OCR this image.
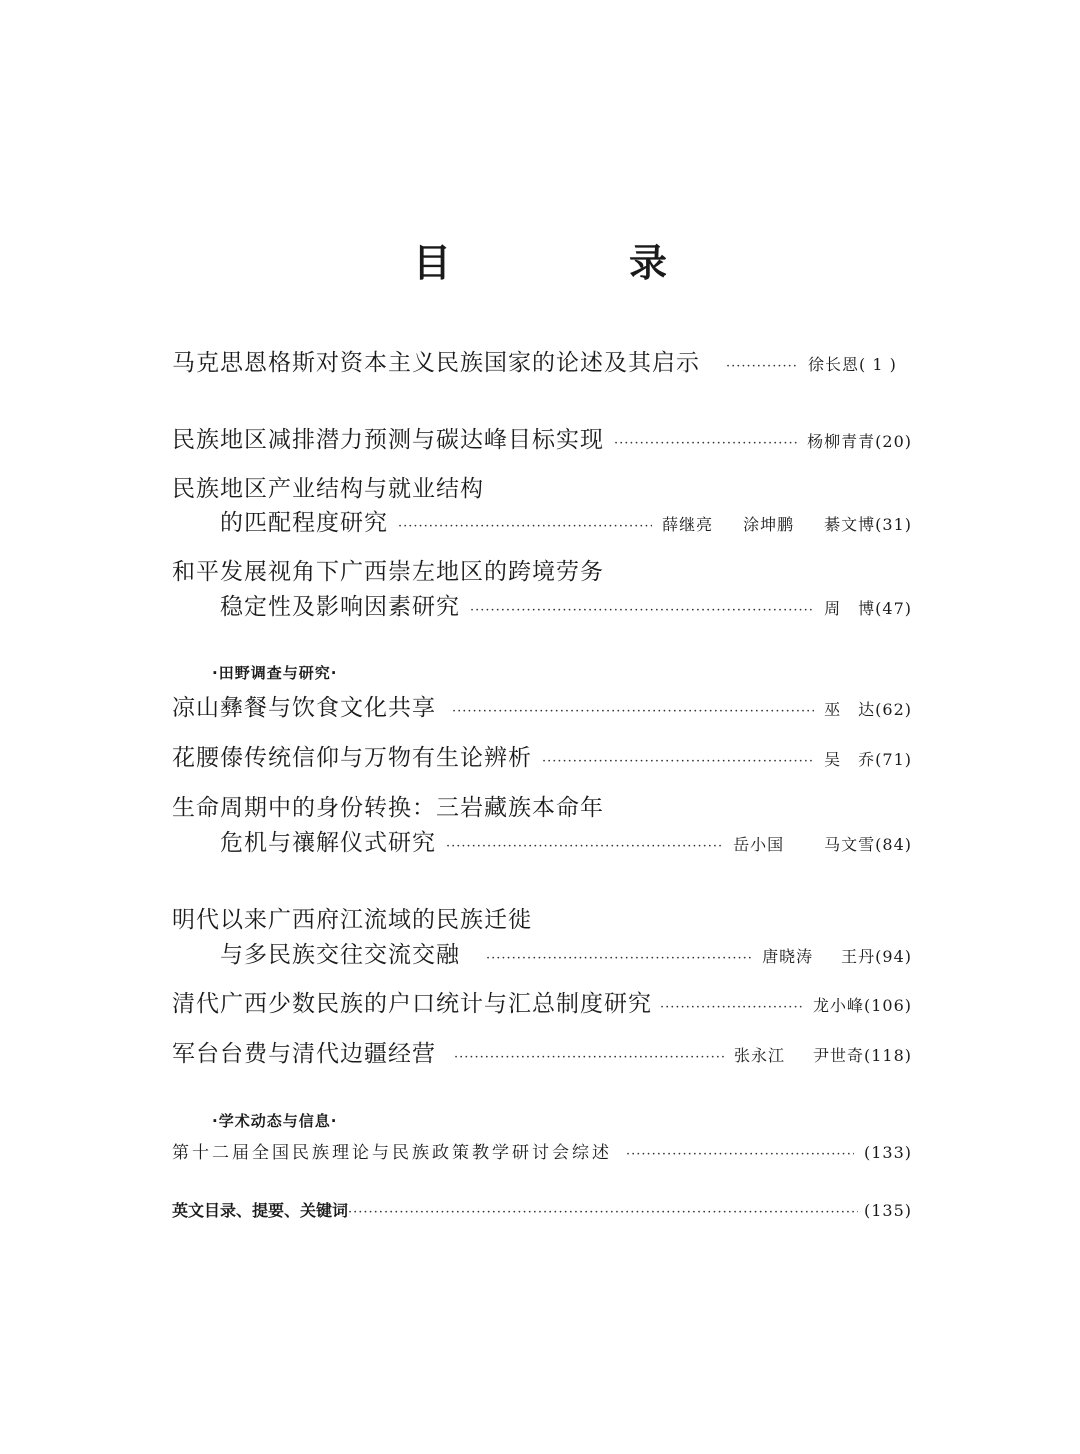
目　录
马克思恩格斯对资本主义民族国家的论述及其启示 ·····	徐长恩( 1 )
民族地区减排潜力预测与碳达峰目标实现 ·····	杨柳青青(20)
民族地区产业结构与就业结构
的匹配程度研究 ·····	薛继亮 涂坤鹏 綦文博(31)
和平发展视角下广西崇左地区的跨境劳务
稳定性及影响因素研究 ·····	周　博(47)
·田野调查与研究·
凉山彝餐与饮食文化共享 ·····	巫　达(62)
花腰傣传统信仰与万物有生论辨析 ·····	吴　乔(71)
生命周期中的身份转换：三岩藏族本命年
危机与禳解仪式研究 ·····	岳小国	马文雪(84)
明代以来广西府江流域的民族迁徙
与多民族交往交流交融 ·····	唐晓涛 王丹(94)
清代广西少数民族的户口统计与汇总制度研究 ·····	龙小峰(106)
军台台费与清代边疆经营 ·····	张永江 尹世奇(118)
·学术动态与信息·
第十二届全国民族理论与民族政策教学研讨会综述 ·····	(133)
英文目录、提要、关键词 ·····	(135)
